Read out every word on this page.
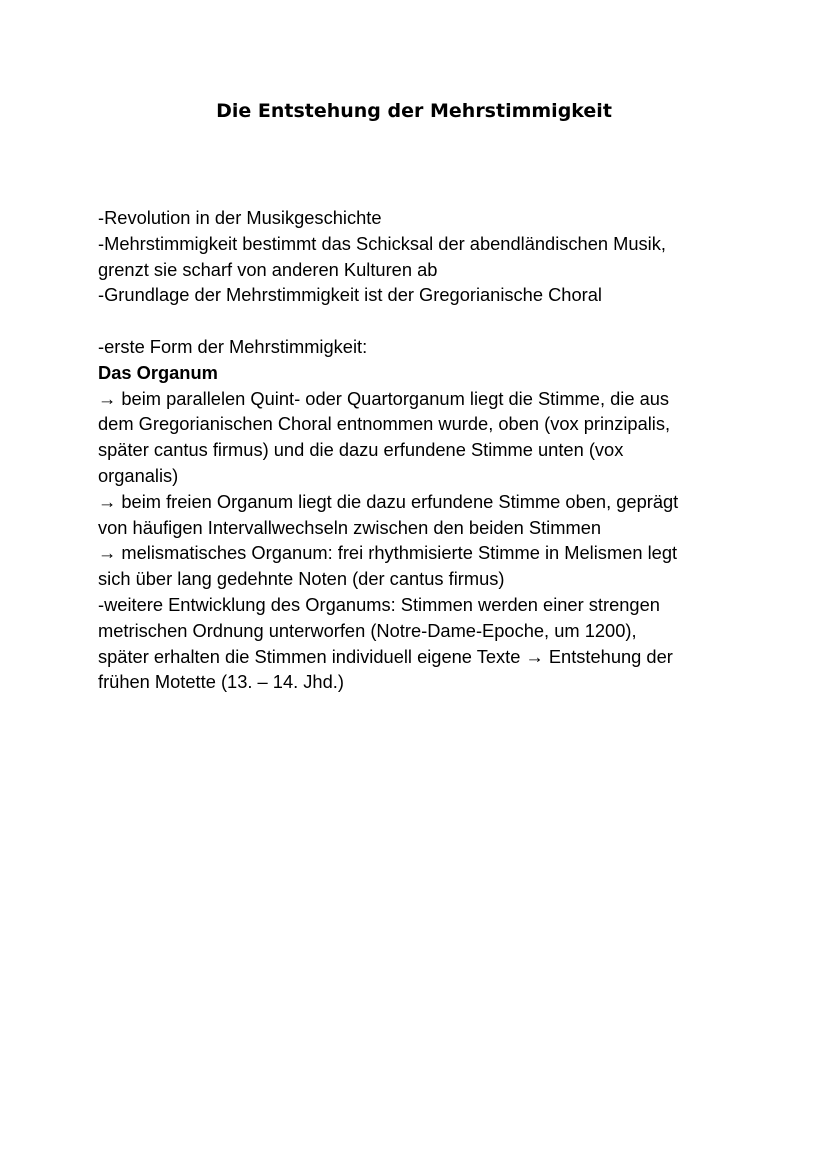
Die Entstehung der Mehrstimmigkeit

-Revolution in der Musikgeschichte

-Mehrstimmigkeit bestimmt das Schicksal der abendländischen Musik,

grenzt sie scharf von anderen Kulturen ab

-Grundlage der Mehrstimmigkeit ist der Gregorianische Choral

-erste Form der Mehrstimmigkeit:

Das Organum

→ beim parallelen Quint- oder Quartorganum liegt die Stimme, die aus

dem Gregorianischen Choral entnommen wurde, oben (vox prinzipalis,

später cantus firmus) und die dazu erfundene Stimme unten (vox

organalis)

→ beim freien Organum liegt die dazu erfundene Stimme oben, geprägt

von häufigen Intervallwechseln zwischen den beiden Stimmen

→ melismatisches Organum: frei rhythmisierte Stimme in Melismen legt

sich über lang gedehnte Noten (der cantus firmus)

-weitere Entwicklung des Organums: Stimmen werden einer strengen

metrischen Ordnung unterworfen (Notre-Dame-Epoche, um 1200),

später erhalten die Stimmen individuell eigene Texte → Entstehung der

frühen Motette (13. – 14. Jhd.)
